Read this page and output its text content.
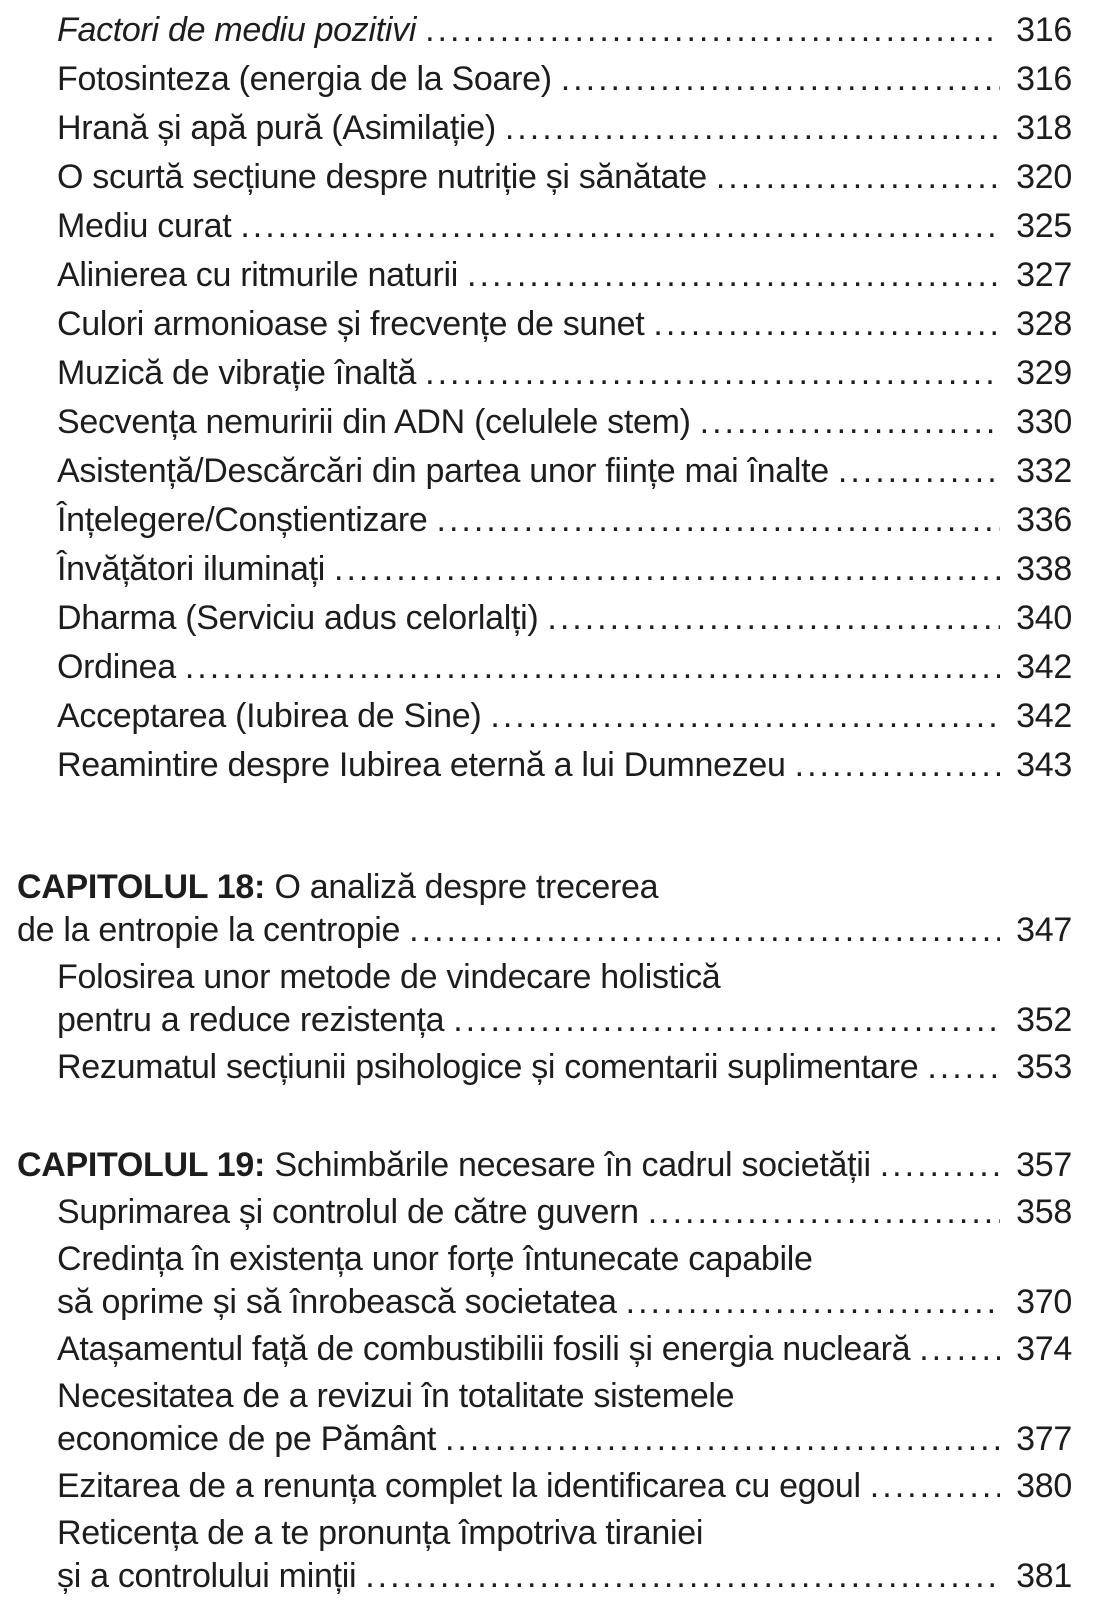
Factori de mediu pozitivi .....	316
Fotosinteza (energia de la Soare) .....	316
Hrană și apă pură (Asimilație) .....	318
O scurtă secțiune despre nutriție și sănătate .....	320
Mediu curat .....	325
Alinierea cu ritmurile naturii .....	327
Culori armonioase și frecvențe de sunet .....	328
Muzică de vibrație înaltă .....	329
Secvența nemuririi din ADN (celulele stem) .....	330
Asistență/Descărcări din partea unor ființe mai înalte .....	332
Înțelegere/Conștientizare .....	336
Învățători iluminați .....	338
Dharma (Serviciu adus celorlalți) .....	340
Ordinea .....	342
Acceptarea (Iubirea de Sine) .....	342
Reamintire despre Iubirea eternă a lui Dumnezeu .....	343
CAPITOLUL 18: O analiză despre trecerea
de la entropie la centropie .....	347
Folosirea unor metode de vindecare holistică
pentru a reduce rezistența .....	352
Rezumatul secțiunii psihologice și comentarii suplimentare .....	353
CAPITOLUL 19: Schimbările necesare în cadrul societății .....	357
Suprimarea și controlul de către guvern .....	358
Credința în existența unor forțe întunecate capabile
să oprime și să înrobească societatea .....	370
Atașamentul față de combustibilii fosili și energia nucleară .....	374
Necesitatea de a revizui în totalitate sistemele
economice de pe Pământ .....	377
Ezitarea de a renunța complet la identificarea cu egoul .....	380
Reticența de a te pronunța împotriva tiraniei
și a controlului minții .....	381
